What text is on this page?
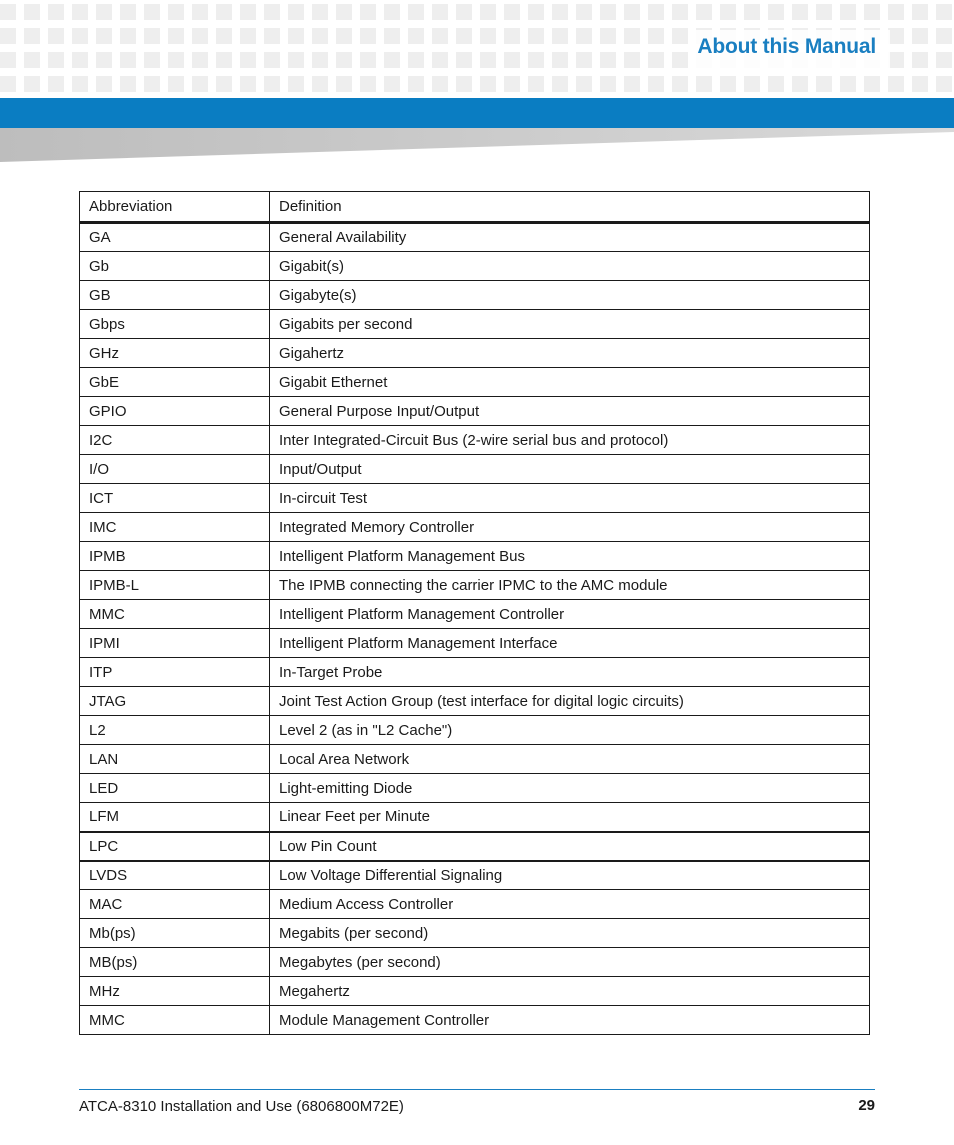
About this Manual
Abbreviation	Definition
GA	General Availability
Gb	Gigabit(s)
GB	Gigabyte(s)
Gbps	Gigabits per second
GHz	Gigahertz
GbE	Gigabit Ethernet
GPIO	General Purpose Input/Output
I2C	Inter Integrated-Circuit Bus (2-wire serial bus and protocol)
I/O	Input/Output
ICT	In-circuit Test
IMC	Integrated Memory Controller
IPMB	Intelligent Platform Management Bus
IPMB-L	The IPMB connecting the carrier IPMC to the AMC module
MMC	Intelligent Platform Management Controller
IPMI	Intelligent Platform Management Interface
ITP	In-Target Probe
JTAG	Joint Test Action Group (test interface for digital logic circuits)
L2	Level 2 (as in "L2 Cache")
LAN	Local Area Network
LED	Light-emitting Diode
LFM	Linear Feet per Minute
LPC	Low Pin Count
LVDS	Low Voltage Differential Signaling
MAC	Medium Access Controller
Mb(ps)	Megabits (per second)
MB(ps)	Megabytes (per second)
MHz	Megahertz
MMC	Module Management Controller
ATCA-8310 Installation and Use (6806800M72E)	29
